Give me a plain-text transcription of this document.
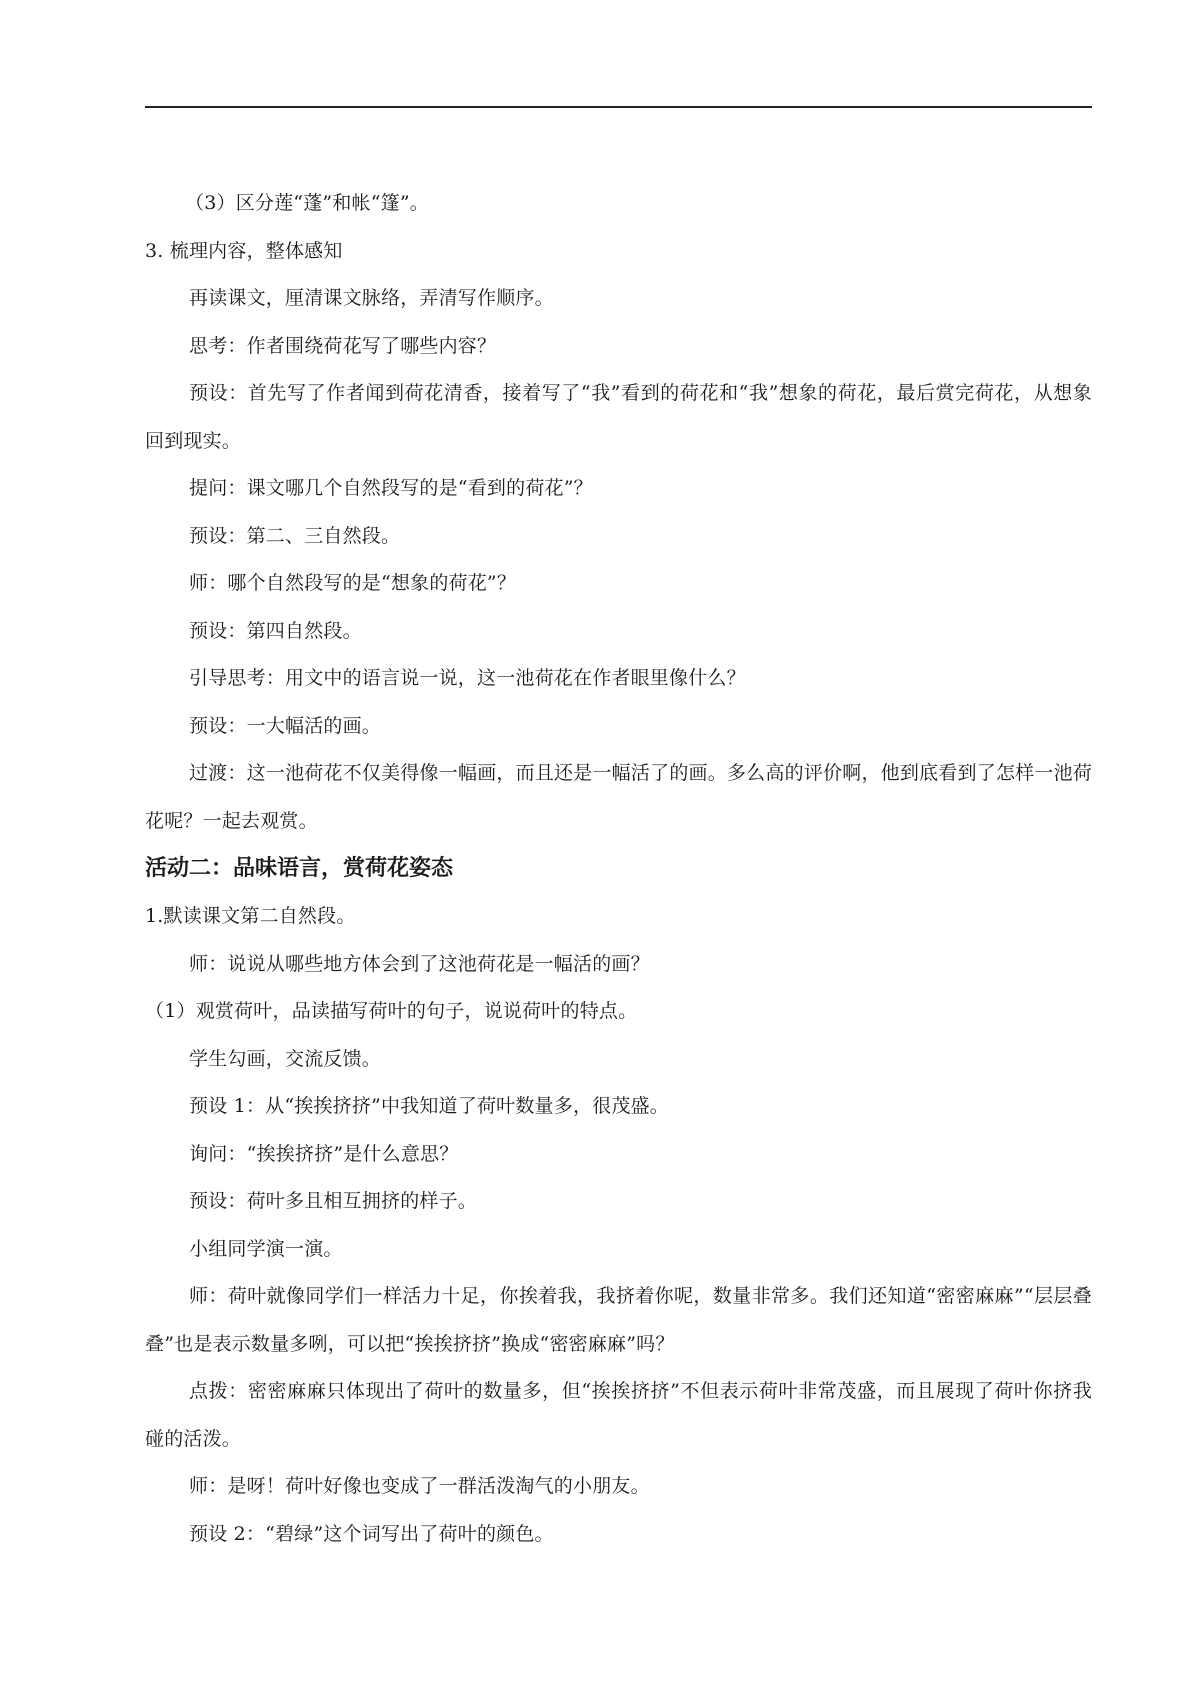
（3）区分莲“蓬”和帐“篷”。
3. 梳理内容，整体感知
再读课文，厘清课文脉络，弄清写作顺序。
思考：作者围绕荷花写了哪些内容？
预设：首先写了作者闻到荷花清香，接着写了“我”看到的荷花和“我”想象的荷花，最后赏完荷花，从想象回到现实。
提问：课文哪几个自然段写的是“看到的荷花”？
预设：第二、三自然段。
师：哪个自然段写的是“想象的荷花”？
预设：第四自然段。
引导思考：用文中的语言说一说，这一池荷花在作者眼里像什么？
预设：一大幅活的画。
过渡：这一池荷花不仅美得像一幅画，而且还是一幅活了的画。多么高的评价啊，他到底看到了怎样一池荷花呢？一起去观赏。
活动二：品味语言，赏荷花姿态
1.默读课文第二自然段。
师：说说从哪些地方体会到了这池荷花是一幅活的画？
（1）观赏荷叶，品读描写荷叶的句子，说说荷叶的特点。
学生勾画，交流反馈。
预设 1：从“挨挨挤挤”中我知道了荷叶数量多，很茂盛。
询问：“挨挨挤挤”是什么意思？
预设：荷叶多且相互拥挤的样子。
小组同学演一演。
师：荷叶就像同学们一样活力十足，你挨着我，我挤着你呢，数量非常多。我们还知道“密密麻麻”“层层叠叠”也是表示数量多咧，可以把“挨挨挤挤”换成“密密麻麻”吗？
点拨：密密麻麻只体现出了荷叶的数量多，但“挨挨挤挤”不但表示荷叶非常茂盛，而且展现了荷叶你挤我碰的活泼。
师：是呀！荷叶好像也变成了一群活泼淘气的小朋友。
预设 2：“碧绿”这个词写出了荷叶的颜色。
